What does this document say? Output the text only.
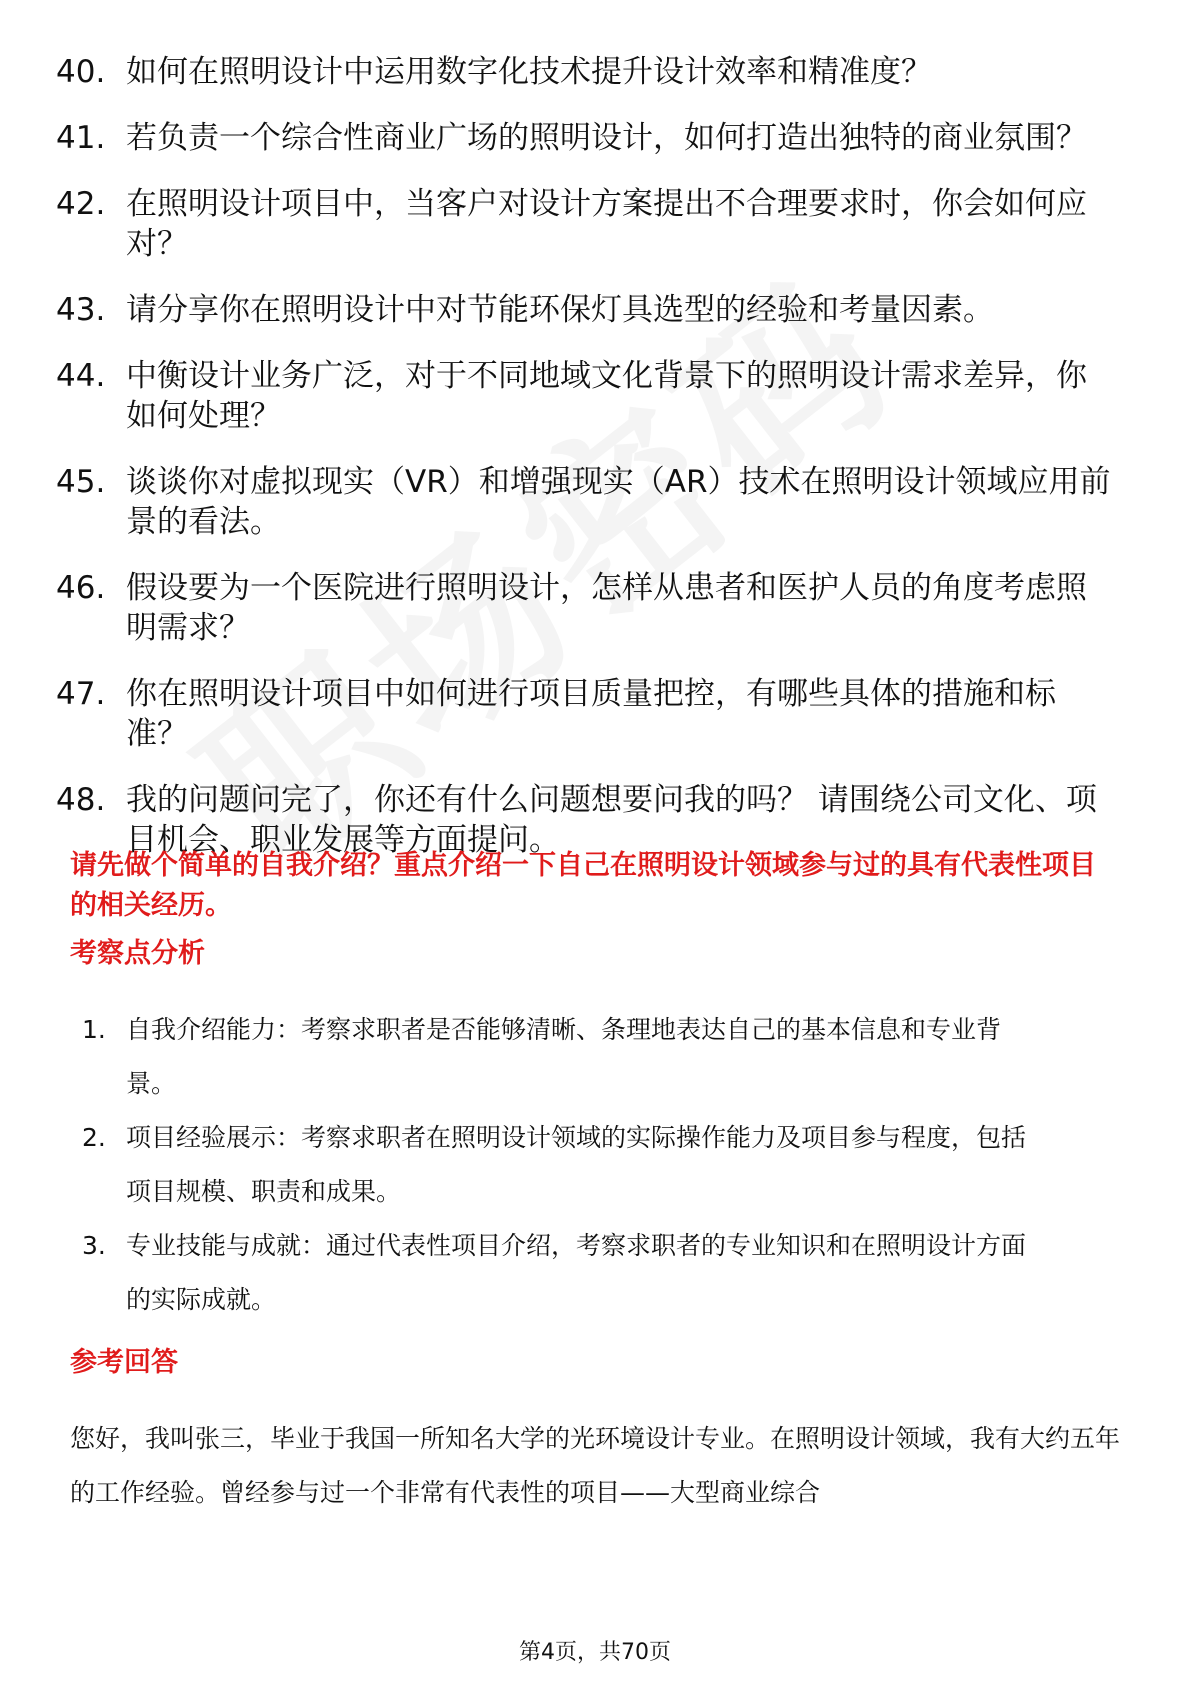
40. 如何在照明设计中运用数字化技术提升设计效率和精准度？
41. 若负责一个综合性商业广场的照明设计，如何打造出独特的商业氛围？
42. 在照明设计项目中，当客户对设计方案提出不合理要求时，你会如何应对？
43. 请分享你在照明设计中对节能环保灯具选型的经验和考量因素。
44. 中衡设计业务广泛，对于不同地域文化背景下的照明设计需求差异，你如何处理？
45. 谈谈你对虚拟现实（VR）和增强现实（AR）技术在照明设计领域应用前景的看法。
46. 假设要为一个医院进行照明设计，怎样从患者和医护人员的角度考虑照明需求？
47. 你在照明设计项目中如何进行项目质量把控，有哪些具体的措施和标准？
48. 我的问题问完了，你还有什么问题想要问我的吗？ 请围绕公司文化、项目机会、职业发展等方面提问。
请先做个简单的自我介绍？重点介绍一下自己在照明设计领域参与过的具有代表性项目的相关经历。
考察点分析
1. 自我介绍能力：考察求职者是否能够清晰、条理地表达自己的基本信息和专业背景。
2. 项目经验展示：考察求职者在照明设计领域的实际操作能力及项目参与程度，包括项目规模、职责和成果。
3. 专业技能与成就：通过代表性项目介绍，考察求职者的专业知识和在照明设计方面的实际成就。
参考回答
您好，我叫张三，毕业于我国一所知名大学的光环境设计专业。在照明设计领域，我有大约五年的工作经验。曾经参与过一个非常有代表性的项目——大型商业综合
第4页，共70页
